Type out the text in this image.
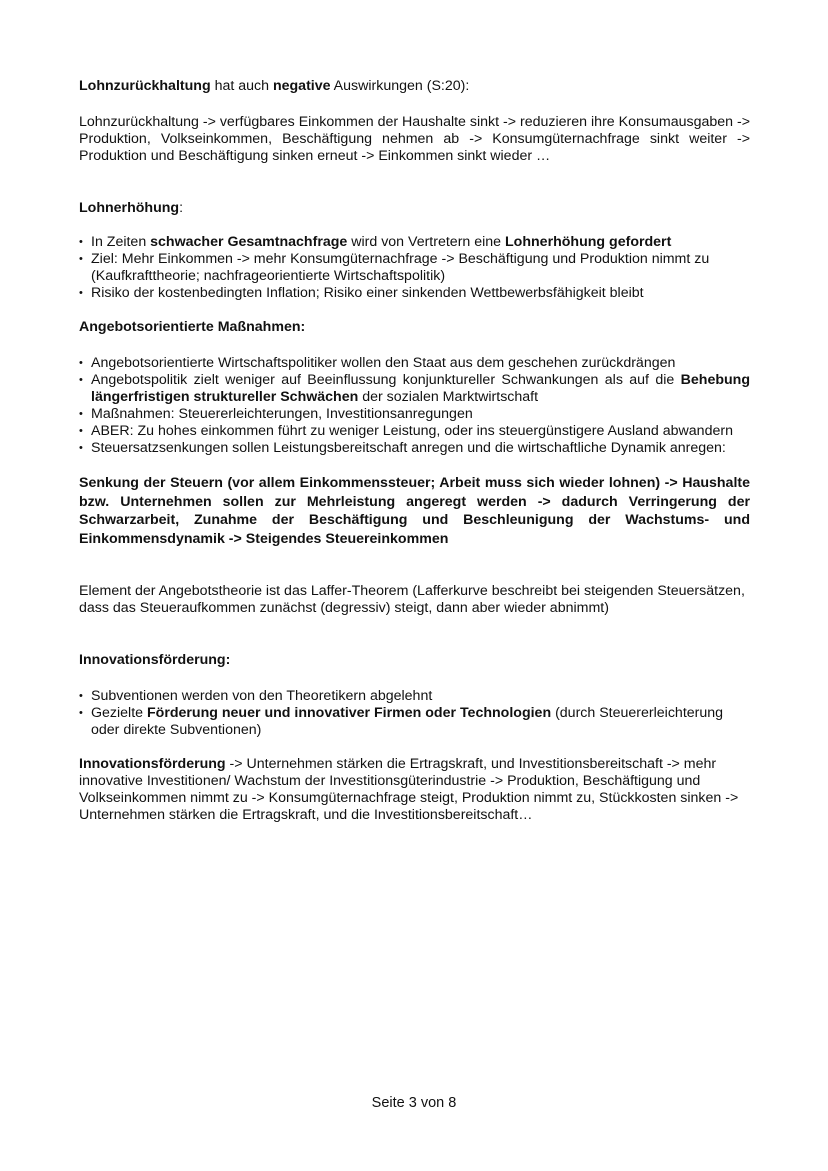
Lohnzurückhaltung hat auch negative Auswirkungen (S:20):

Lohnzurückhaltung -> verfügbares Einkommen der Haushalte sinkt -> reduzieren ihre Konsumausgaben -> Produktion, Volkseinkommen, Beschäftigung nehmen ab -> Konsumgüternachfrage sinkt weiter -> Produktion und Beschäftigung sinken erneut -> Einkommen sinkt wieder …

Lohnerhöhung:

• In Zeiten schwacher Gesamtnachfrage wird von Vertretern eine Lohnerhöhung gefordert
• Ziel: Mehr Einkommen -> mehr Konsumgüternachfrage -> Beschäftigung und Produktion nimmt zu (Kaufkrafttheorie; nachfrageorientierte Wirtschaftspolitik)
• Risiko der kostenbedingten Inflation; Risiko einer sinkenden Wettbewerbsfähigkeit bleibt

Angebotsorientierte Maßnahmen:

• Angebotsorientierte Wirtschaftspolitiker wollen den Staat aus dem geschehen zurückdrängen
• Angebotspolitik zielt weniger auf Beeinflussung konjunktureller Schwankungen als auf die Behebung längerfristigen struktureller Schwächen der sozialen Marktwirtschaft
• Maßnahmen: Steuererleichterungen, Investitionsanregungen
• ABER: Zu hohes einkommen führt zu weniger Leistung, oder ins steuergünstigere Ausland abwandern
• Steuersatzsenkungen sollen Leistungsbereitschaft anregen und die wirtschaftliche Dynamik anregen:

Senkung der Steuern (vor allem Einkommenssteuer; Arbeit muss sich wieder lohnen) -> Haushalte bzw. Unternehmen sollen zur Mehrleistung angeregt werden -> dadurch Verringerung der Schwarzarbeit, Zunahme der Beschäftigung und Beschleunigung der Wachstums- und Einkommensdynamik -> Steigendes Steuereinkommen

Element der Angebotstheorie ist das Laffer-Theorem (Lafferkurve beschreibt bei steigenden Steuersätzen, dass das Steueraufkommen zunächst (degressiv) steigt, dann aber wieder abnimmt)

Innovationsförderung:

• Subventionen werden von den Theoretikern abgelehnt
• Gezielte Förderung neuer und innovativer Firmen oder Technologien (durch Steuererleichterung oder direkte Subventionen)

Innovationsförderung -> Unternehmen stärken die Ertragskraft, und Investitionsbereitschaft -> mehr innovative Investitionen/ Wachstum der Investitionsgüterindustrie -> Produktion, Beschäftigung und Volkseinkommen nimmt zu -> Konsumgüternachfrage steigt, Produktion nimmt zu, Stückkosten sinken -> Unternehmen stärken die Ertragskraft, und die Investitionsbereitschaft…

Seite 3 von 8
